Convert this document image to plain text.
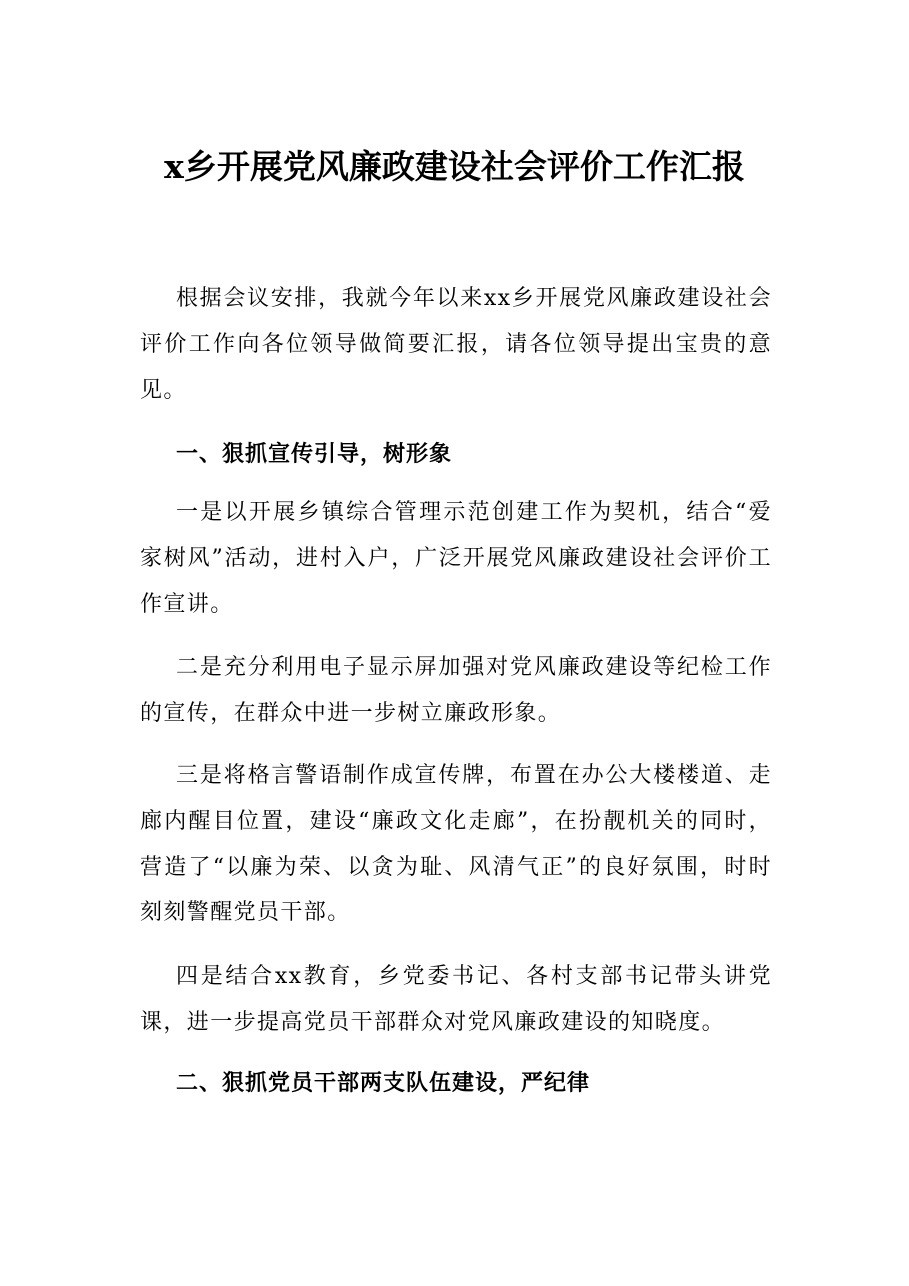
x乡开展党风廉政建设社会评价工作汇报

根据会议安排，我就今年以来xx乡开展党风廉政建设社会评价工作向各位领导做简要汇报，请各位领导提出宝贵的意见。

一、狠抓宣传引导，树形象

一是以开展乡镇综合管理示范创建工作为契机，结合“爱家树风”活动，进村入户，广泛开展党风廉政建设社会评价工作宣讲。

二是充分利用电子显示屏加强对党风廉政建设等纪检工作的宣传，在群众中进一步树立廉政形象。

三是将格言警语制作成宣传牌，布置在办公大楼楼道、走廊内醒目位置，建设“廉政文化走廊”，在扮靓机关的同时，营造了“以廉为荣、以贪为耻、风清气正”的良好氛围，时时刻刻警醒党员干部。

四是结合xx教育，乡党委书记、各村支部书记带头讲党课，进一步提高党员干部群众对党风廉政建设的知晓度。

二、狠抓党员干部两支队伍建设，严纪律
